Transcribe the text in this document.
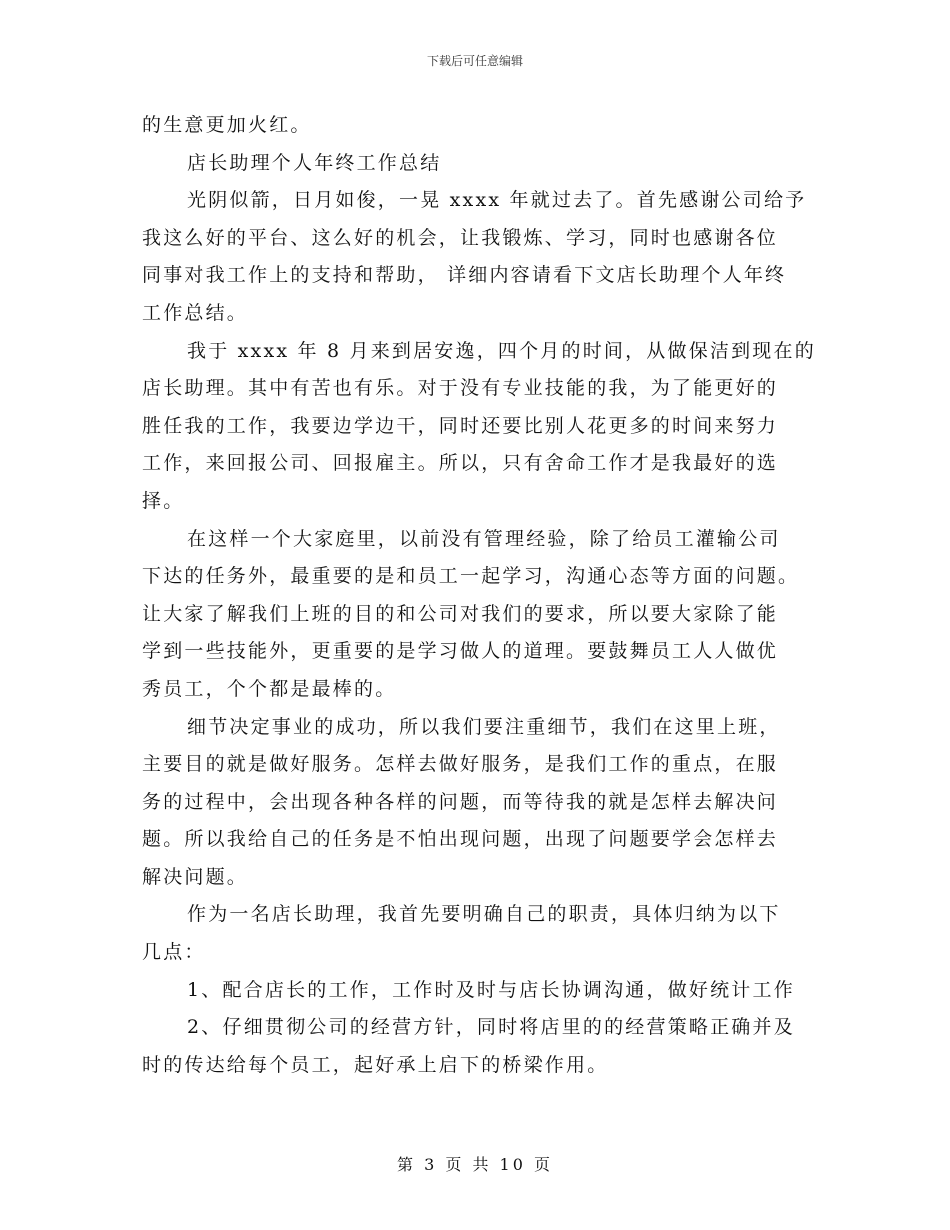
下载后可任意编辑
的生意更加火红。
店长助理个人年终工作总结
光阴似箭，日月如俊，一晃 xxxx 年就过去了。首先感谢公司给予
我这么好的平台、这么好的机会，让我锻炼、学习，同时也感谢各位
同事对我工作上的支持和帮助， 详细内容请看下文店长助理个人年终
工作总结。
我于 xxxx 年 8 月来到居安逸，四个月的时间，从做保洁到现在的
店长助理。其中有苦也有乐。对于没有专业技能的我，为了能更好的
胜任我的工作，我要边学边干，同时还要比别人花更多的时间来努力
工作，来回报公司、回报雇主。所以，只有舍命工作才是我最好的选
择。
在这样一个大家庭里，以前没有管理经验，除了给员工灌输公司
下达的任务外，最重要的是和员工一起学习，沟通心态等方面的问题。
让大家了解我们上班的目的和公司对我们的要求，所以要大家除了能
学到一些技能外，更重要的是学习做人的道理。要鼓舞员工人人做优
秀员工，个个都是最棒的。
细节决定事业的成功，所以我们要注重细节，我们在这里上班，
主要目的就是做好服务。怎样去做好服务，是我们工作的重点，在服
务的过程中，会出现各种各样的问题，而等待我的就是怎样去解决问
题。所以我给自己的任务是不怕出现问题，出现了问题要学会怎样去
解决问题。
作为一名店长助理，我首先要明确自己的职责，具体归纳为以下
几点：
1、配合店长的工作，工作时及时与店长协调沟通，做好统计工作
2、仔细贯彻公司的经营方针，同时将店里的的经营策略正确并及
时的传达给每个员工，起好承上启下的桥梁作用。
第 3 页 共 10 页
